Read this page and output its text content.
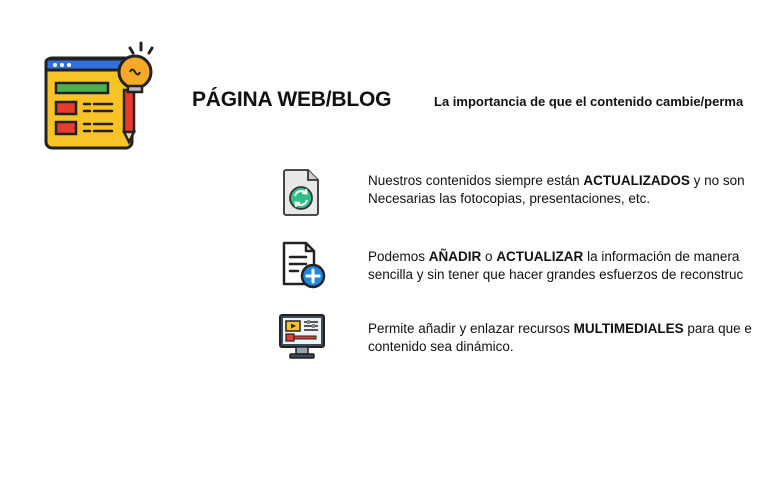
PÁGINA WEB/BLOG	La importancia de que el contenido cambie/perma

Nuestros contenidos siempre están ACTUALIZADOS y no son
Necesarias las fotocopias, presentaciones, etc.

Podemos AÑADIR o ACTUALIZAR la información de manera
sencilla y sin tener que hacer grandes esfuerzos de reconstruc

Permite añadir y enlazar recursos MULTIMEDIALES para que e
contenido sea dinámico.
